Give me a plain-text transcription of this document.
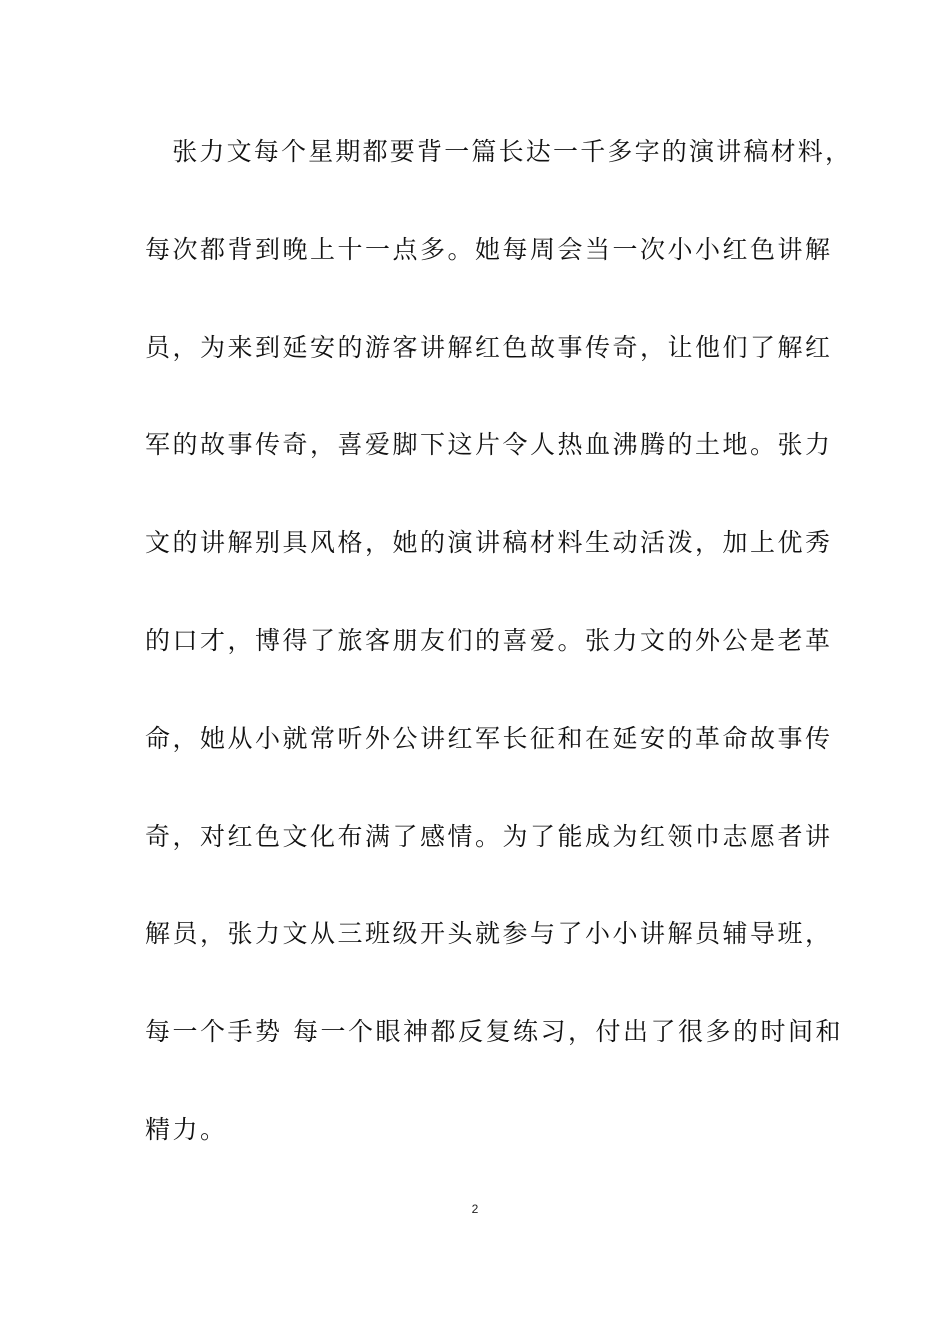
　张力文每个星期都要背一篇长达一千多字的演讲稿材料，
每次都背到晚上十一点多。她每周会当一次小小红色讲解
员，为来到延安的游客讲解红色故事传奇，让他们了解红
军的故事传奇，喜爱脚下这片令人热血沸腾的土地。张力
文的讲解别具风格，她的演讲稿材料生动活泼，加上优秀
的口才，博得了旅客朋友们的喜爱。张力文的外公是老革
命，她从小就常听外公讲红军长征和在延安的革命故事传
奇，对红色文化布满了感情。为了能成为红领巾志愿者讲
解员，张力文从三班级开头就参与了小小讲解员辅导班，
每一个手势 每一个眼神都反复练习，付出了很多的时间和
精力。
2
